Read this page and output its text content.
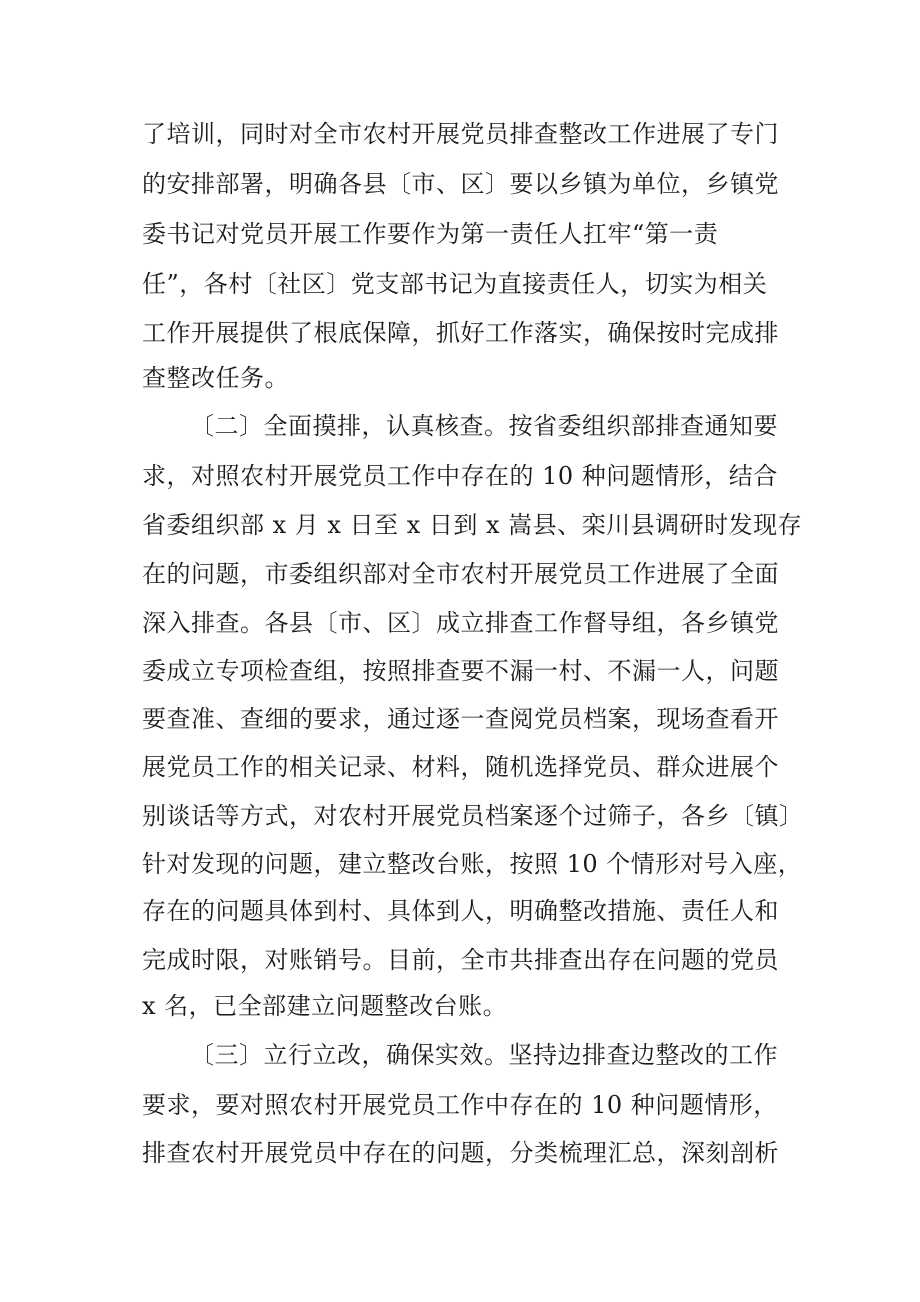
了培训，同时对全市农村开展党员排查整改工作进展了专门
的安排部署，明确各县〔市、区〕要以乡镇为单位，乡镇党
委书记对党员开展工作要作为第一责任人扛牢“第一责
任”，各村〔社区〕党支部书记为直接责任人，切实为相关
工作开展提供了根底保障，抓好工作落实，确保按时完成排
查整改任务。
〔二〕全面摸排，认真核查。按省委组织部排查通知要
求，对照农村开展党员工作中存在的 10 种问题情形，结合
省委组织部 x 月 x 日至 x 日到 x 嵩县、栾川县调研时发现存
在的问题，市委组织部对全市农村开展党员工作进展了全面
深入排查。各县〔市、区〕成立排查工作督导组，各乡镇党
委成立专项检查组，按照排查要不漏一村、不漏一人，问题
要查准、查细的要求，通过逐一查阅党员档案，现场查看开
展党员工作的相关记录、材料，随机选择党员、群众进展个
别谈话等方式，对农村开展党员档案逐个过筛子，各乡〔镇〕
针对发现的问题，建立整改台账，按照 10 个情形对号入座，
存在的问题具体到村、具体到人，明确整改措施、责任人和
完成时限，对账销号。目前，全市共排查出存在问题的党员
x 名，已全部建立问题整改台账。
〔三〕立行立改，确保实效。坚持边排查边整改的工作
要求，要对照农村开展党员工作中存在的 10 种问题情形，
排查农村开展党员中存在的问题，分类梳理汇总，深刻剖析
